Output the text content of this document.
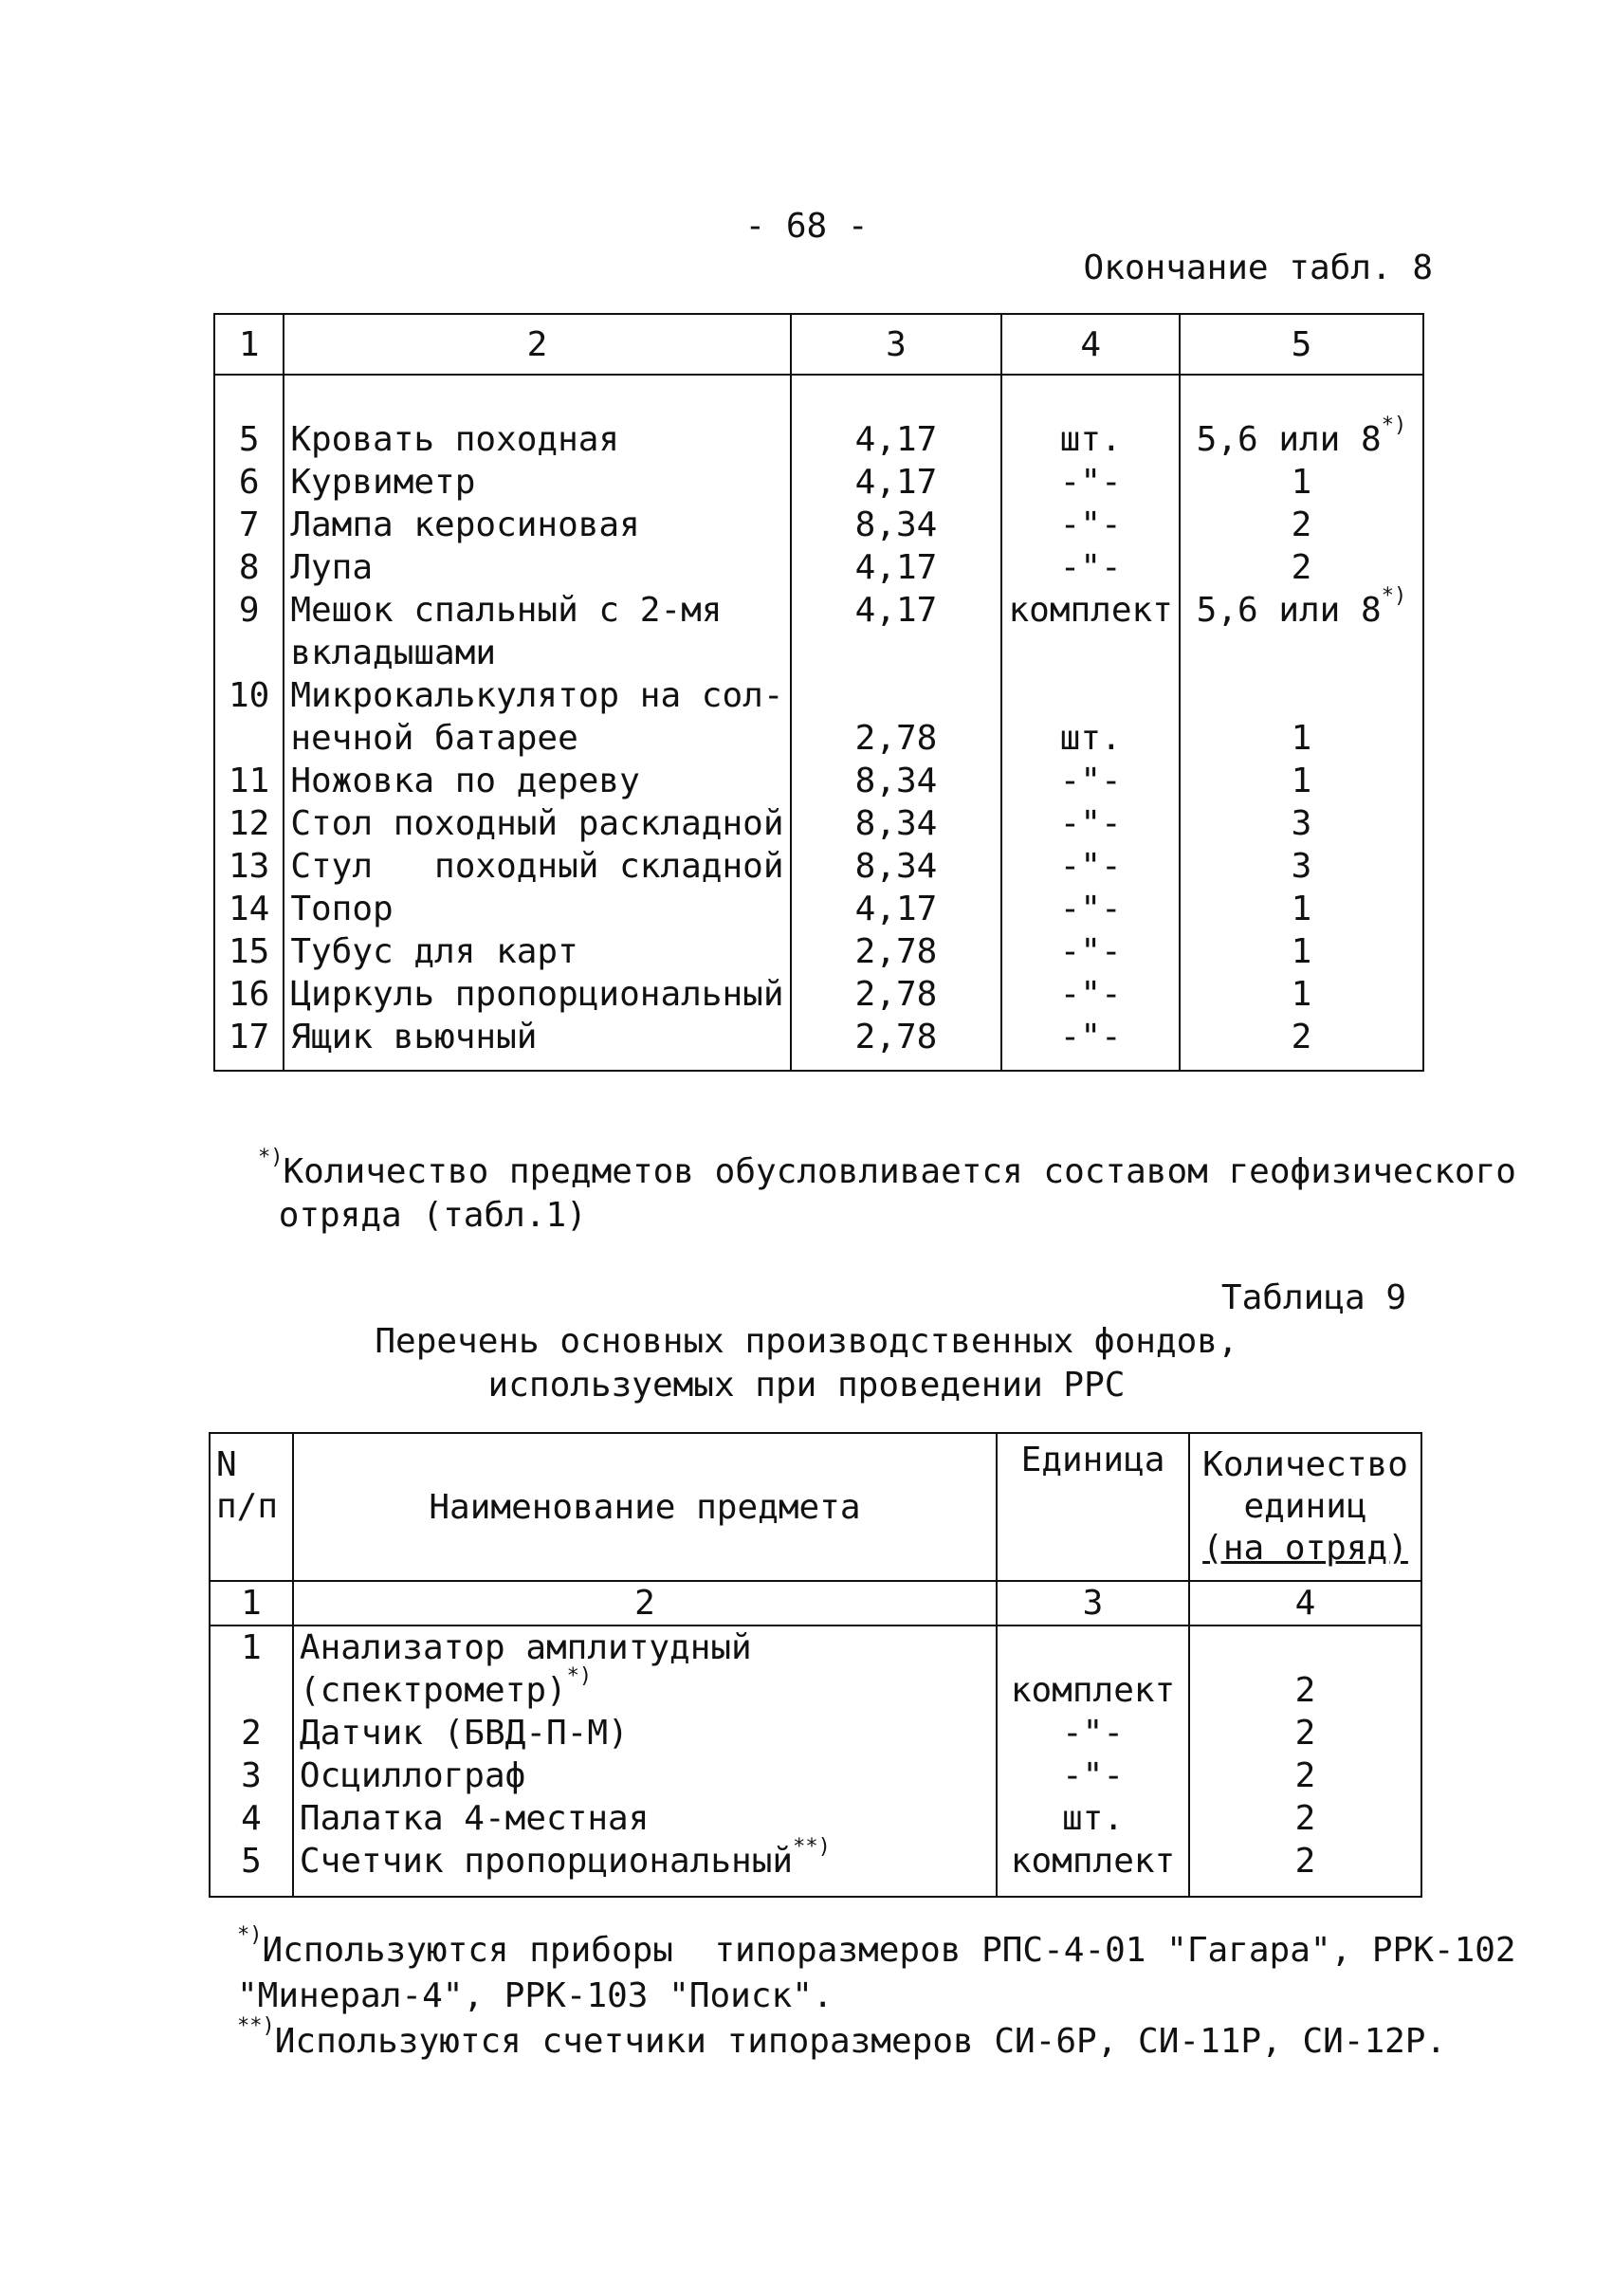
- 68 -
Окончание табл. 8
1	2	3	4	5

5	Кровать походная	4,17	шт.	5,6 или 8*)
6	Курвиметр	4,17	-"-	1
7	Лампа керосиновая	8,34	-"-	2
8	Лупа	4,17	-"-	2
9	Мешок спальный с 2-мя	4,17	комплект	5,6 или 8*)
	вкладышами			
10	Микрокалькулятор на сол-			
	нечной батарее	2,78	шт.	1
11	Ножовка по дереву	8,34	-"-	1
12	Стол походный раскладной	8,34	-"-	3
13	Стул   походный складной	8,34	-"-	3
14	Топор	4,17	-"-	1
15	Тубус для карт	2,78	-"-	1
16	Циркуль пропорциональный	2,78	-"-	1
17	Ящик вьючный	2,78	-"-	2

*)Количество предметов обусловливается составом геофизического
отряда (табл.1)
Таблица 9
Перечень основных производственных фондов,
используемых при проведении РРС
N
п/п	Наименование предмета	Единица	Количество
единиц
(на отряд)
1	2	3	4
1	Анализатор амплитудный		
	(спектрометр)*)	комплект	2
2	Датчик (БВД-П-М)	-"-	2
3	Осциллограф	-"-	2
4	Палатка 4-местная	шт.	2
5	Счетчик пропорциональный**)	комплект	2

*)Используются приборы  типоразмеров РПС-4-01 "Гагара", РРК-102
"Минерал-4", РРК-103 "Поиск".
**)Используются счетчики типоразмеров СИ-6Р, СИ-11Р, СИ-12Р.
